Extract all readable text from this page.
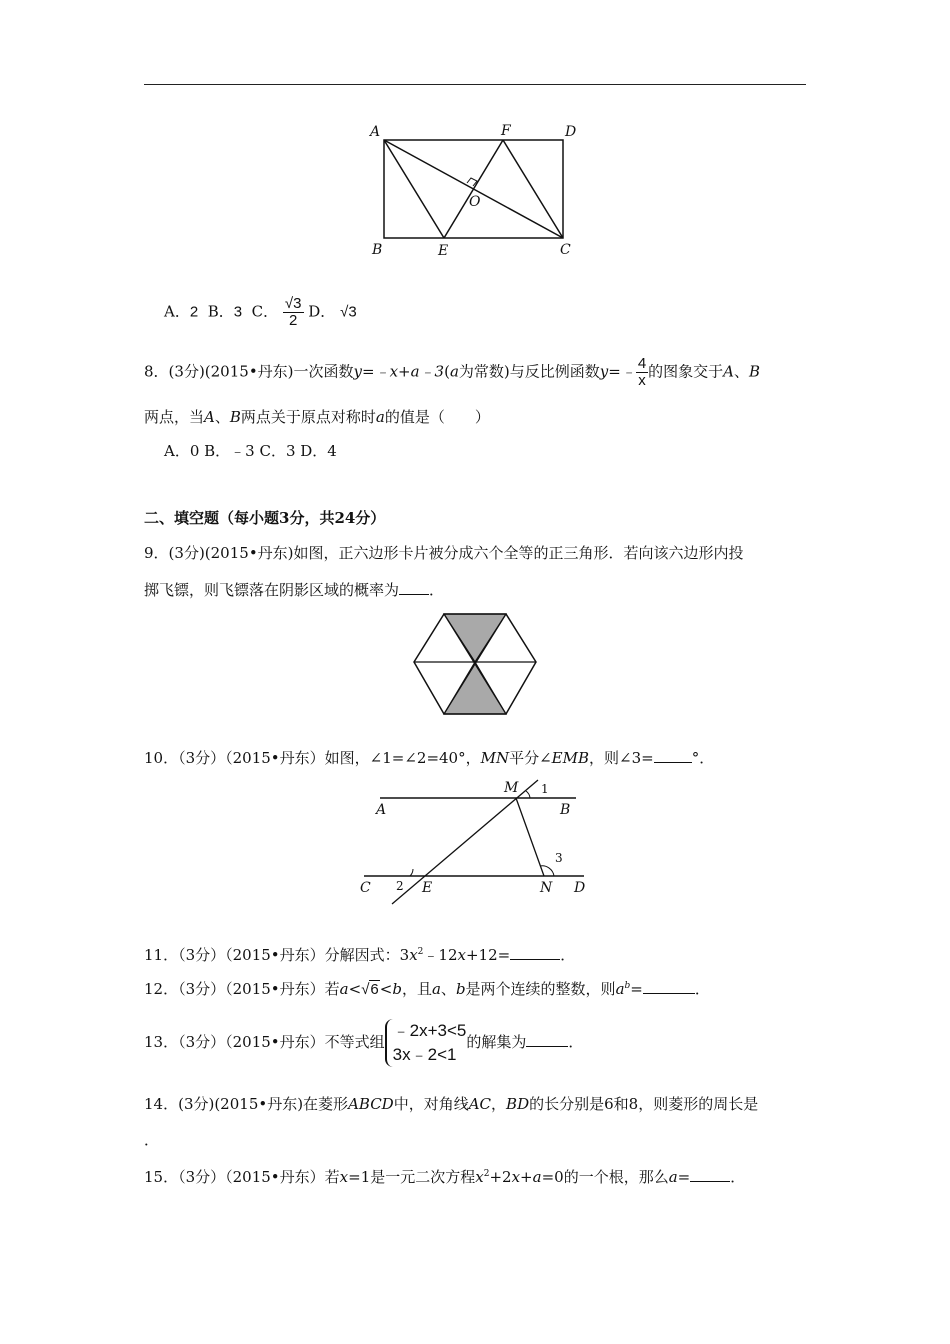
A	F	D
O
B	E	C
A．2 B．3 C． $\frac{√3}{2}$ D． √3
8．(3分)(2015•丹东)一次函数y=﹣x+a﹣3(a为常数)与反比例函数y=﹣ $\frac{4}{x}$ 的图象交于A、B
两点，当A、B两点关于原点对称时a的值是（　　）
A．0 B．﹣3 C．3 D．4
二、填空题（每小题3分，共24分）
9．(3分)(2015•丹东)如图，正六边形卡片被分成六个全等的正三角形．若向该六边形内投
掷飞镖，则飞镖落在阴影区域的概率为 ．
10．（3分）（2015•丹东）如图，∠1=∠2=40°，MN平分∠EMB，则∠3=	°．
M 1
A	B
3
C 2 E	N D
11．（3分）（2015•丹东）分解因式：$3x^2﹣12x+12=$	．
12．（3分）（2015•丹东）若a<√6<b，且a、b是两个连续的整数，则$a^b=$	．
13．（3分）（2015•丹东）不等式组
﹣2x+3<5
3x﹣2<1
的解集为	．
14．(3分)(2015•丹东)在菱形ABCD中，对角线AC，BD的长分别是6和8，则菱形的周长是
．
15．（3分）（2015•丹东）若x=1是一元二次方程$x^2+2x+a=0$的一个根，那么a=	．
